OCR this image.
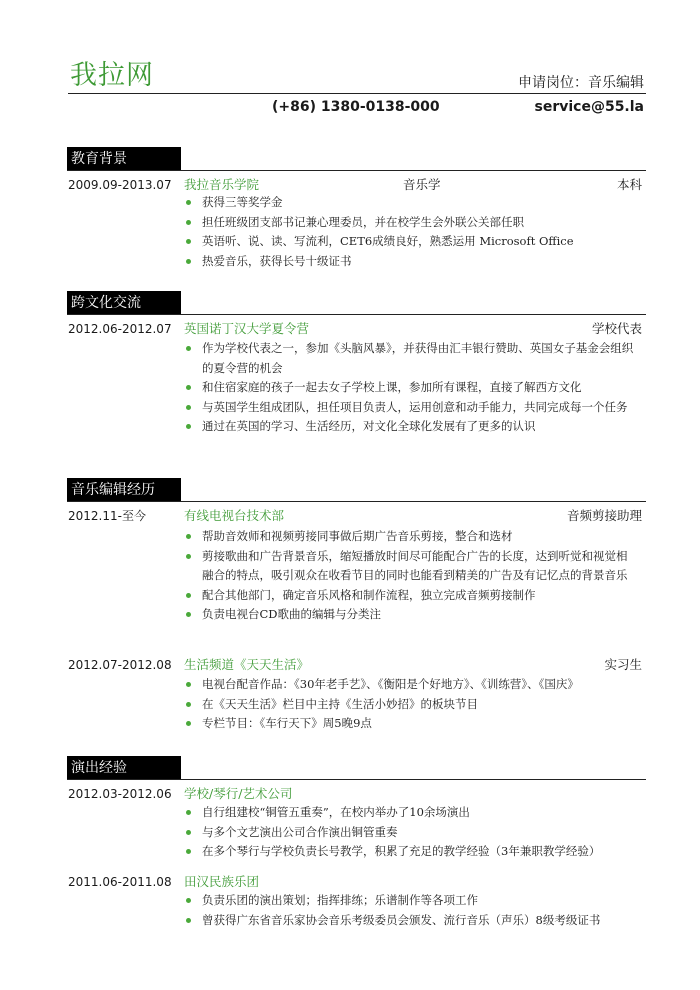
我拉网	申请岗位：音乐编辑
(+86) 1380-0138-000	service@55.la
教育背景
2009.09-2013.07 我拉音乐学院	音乐学	本科
获得三等奖学金
担任班级团支部书记兼心理委员，并在校学生会外联公关部任职
英语听、说、读、写流利，CET6成绩良好，熟悉运用 Microsoft Office
热爱音乐，获得长号十级证书
跨文化交流
2012.06-2012.07 英国诺丁汉大学夏令营	学校代表
作为学校代表之一，参加《头脑风暴》，并获得由汇丰银行赞助、英国女子基金会组织的夏令营的机会
和住宿家庭的孩子一起去女子学校上课，参加所有课程，直接了解西方文化
与英国学生组成团队，担任项目负责人，运用创意和动手能力，共同完成每一个任务
通过在英国的学习、生活经历，对文化全球化发展有了更多的认识
音乐编辑经历
2012.11-至今	有线电视台技术部	音频剪接助理
帮助音效师和视频剪接同事做后期广告音乐剪接，整合和选材
剪接歌曲和广告背景音乐，缩短播放时间尽可能配合广告的长度，达到听觉和视觉相融合的特点，吸引观众在收看节目的同时也能看到精美的广告及有记忆点的背景音乐
配合其他部门，确定音乐风格和制作流程，独立完成音频剪接制作
负责电视台CD歌曲的编辑与分类注
2012.07-2012.08 生活频道《天天生活》	实习生
电视台配音作品：《30年老手艺》、《衡阳是个好地方》、《训练营》、《国庆》
在《天天生活》栏目中主持《生活小妙招》的板块节目
专栏节目：《车行天下》周5晚9点
演出经验
2012.03-2012.06 学校/琴行/艺术公司
自行组建校“铜管五重奏”，在校内举办了10余场演出
与多个文艺演出公司合作演出铜管重奏
在多个琴行与学校负责长号教学，积累了充足的教学经验（3年兼职教学经验）
2011.06-2011.08 田汉民族乐团
负责乐团的演出策划；指挥排练；乐谱制作等各项工作
曾获得广东省音乐家协会音乐考级委员会颁发、流行音乐（声乐）8级考级证书
